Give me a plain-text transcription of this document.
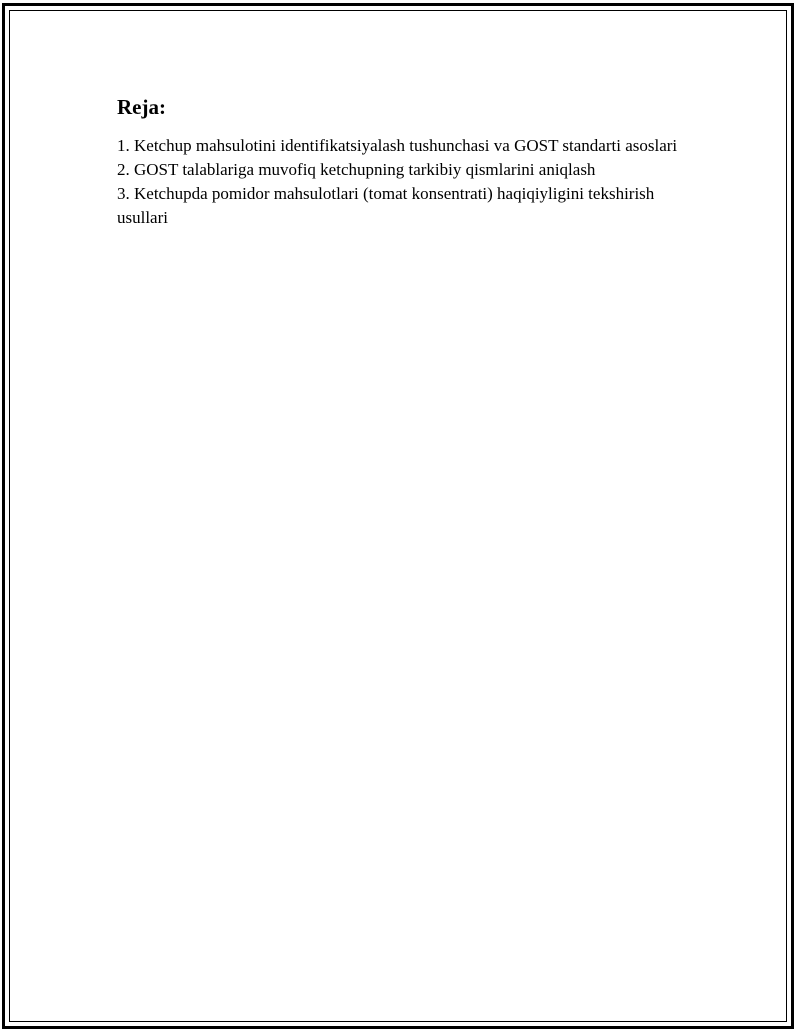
Reja:
1. Ketchup mahsulotini identifikatsiyalash tushunchasi va GOST standarti asoslari
2. GOST talablariga muvofiq ketchupning tarkibiy qismlarini aniqlash
3. Ketchupda pomidor mahsulotlari (tomat konsentrati) haqiqiyligini tekshirish usullari
